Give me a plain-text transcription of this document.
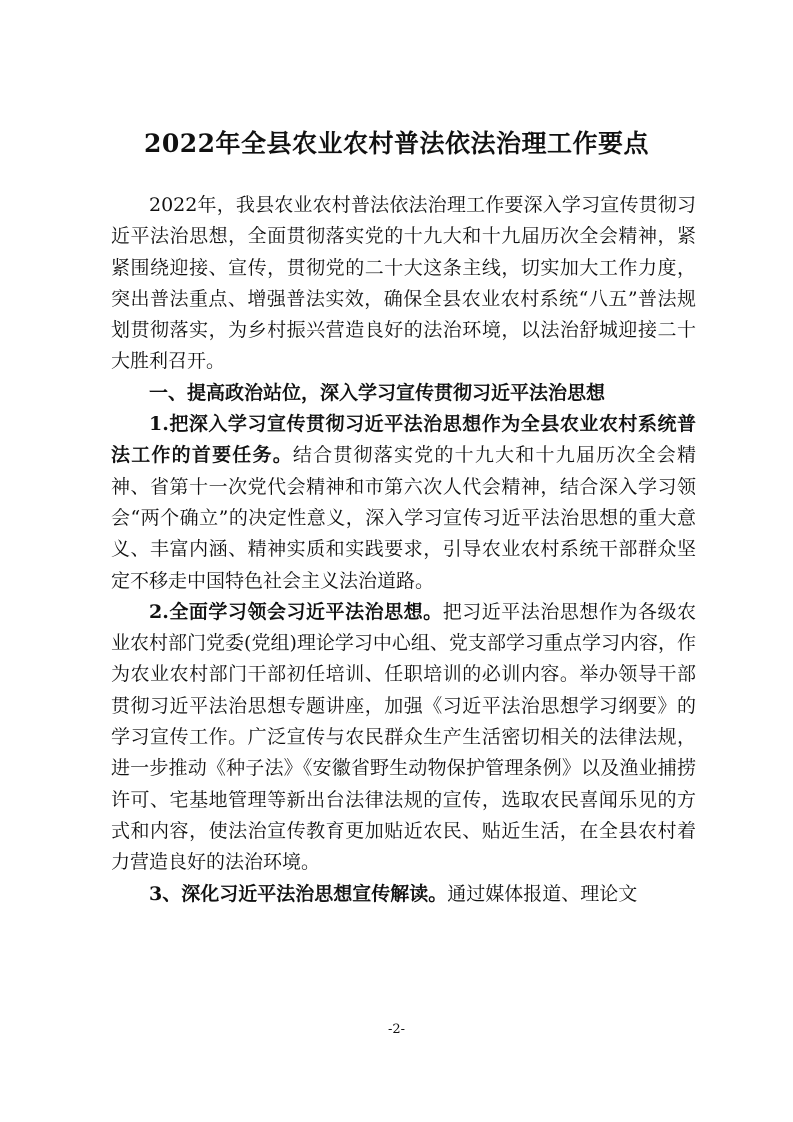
2022年全县农业农村普法依法治理工作要点

2022年，我县农业农村普法依法治理工作要深入学习宣传贯彻习近平法治思想，全面贯彻落实党的十九大和十九届历次全会精神，紧紧围绕迎接、宣传，贯彻党的二十大这条主线，切实加大工作力度，突出普法重点、增强普法实效，确保全县农业农村系统“八五”普法规划贯彻落实，为乡村振兴营造良好的法治环境，以法治舒城迎接二十大胜利召开。

一、提高政治站位，深入学习宣传贯彻习近平法治思想

1.把深入学习宣传贯彻习近平法治思想作为全县农业农村系统普法工作的首要任务。结合贯彻落实党的十九大和十九届历次全会精神、省第十一次党代会精神和市第六次人代会精神，结合深入学习领会“两个确立”的决定性意义，深入学习宣传习近平法治思想的重大意义、丰富内涵、精神实质和实践要求，引导农业农村系统干部群众坚定不移走中国特色社会主义法治道路。

2.全面学习领会习近平法治思想。把习近平法治思想作为各级农业农村部门党委(党组)理论学习中心组、党支部学习重点学习内容，作为农业农村部门干部初任培训、任职培训的必训内容。举办领导干部贯彻习近平法治思想专题讲座，加强《习近平法治思想学习纲要》的学习宣传工作。广泛宣传与农民群众生产生活密切相关的法律法规，进一步推动《种子法》《安徽省野生动物保护管理条例》以及渔业捕捞许可、宅基地管理等新出台法律法规的宣传，选取农民喜闻乐见的方式和内容，使法治宣传教育更加贴近农民、贴近生活，在全县农村着力营造良好的法治环境。

3、深化习近平法治思想宣传解读。通过媒体报道、理论文

-2-
